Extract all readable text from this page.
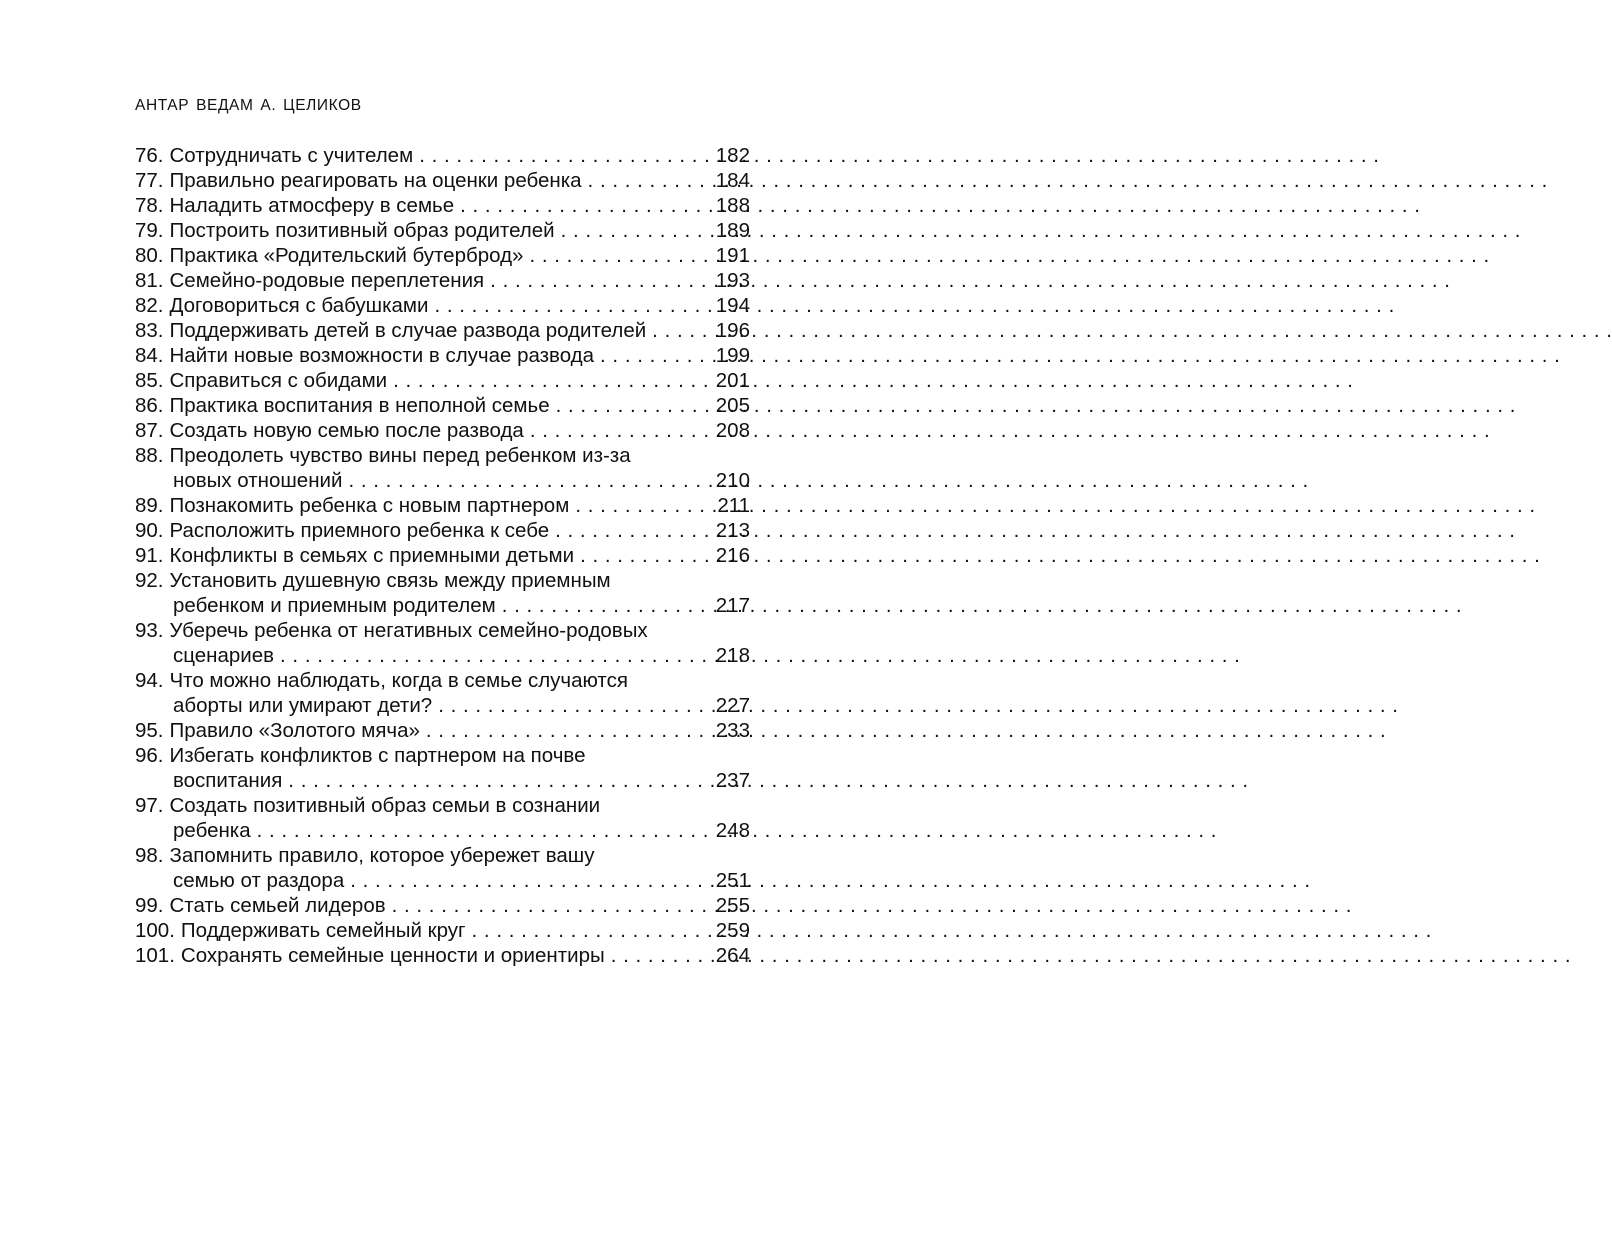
АНТАР ВЕДАМ А. ЦЕЛИКОВ
76. Сотрудничать с учителем . . .	182
77. Правильно реагировать на оценки ребенка . . .	184
78. Наладить атмосферу в семье . . .	188
79. Построить позитивный образ родителей . . .	189
80. Практика «Родительский бутерброд» . . .	191
81. Семейно-родовые переплетения . . .	193
82. Договориться с бабушками . . .	194
83. Поддерживать детей в случае развода родителей . . .	196
84. Найти новые возможности в случае развода . . .	199
85. Справиться с обидами . . .	201
86. Практика воспитания в неполной семье . . .	205
87. Создать новую семью после развода . . .	208
88. Преодолеть чувство вины перед ребенком из-за
новых отношений . . .	210
89. Познакомить ребенка с новым партнером . . .	211
90. Расположить приемного ребенка к себе . . .	213
91. Конфликты в семьях с приемными детьми . . .	216
92. Установить душевную связь между приемным
ребенком и приемным родителем . . .	217
93. Уберечь ребенка от негативных семейно-родовых
сценариев . . .	218
94. Что можно наблюдать, когда в семье случаются
аборты или умирают дети? . . .	227
95. Правило «Золотого мяча» . . .	233
96. Избегать конфликтов с партнером на почве
воспитания . . .	237
97. Создать позитивный образ семьи в сознании
ребенка . . .	248
98. Запомнить правило, которое убережет вашу
семью от раздора . . .	251
99. Стать семьей лидеров . . .	255
100. Поддерживать семейный круг . . .	259
101. Сохранять семейные ценности и ориентиры . . .	264
